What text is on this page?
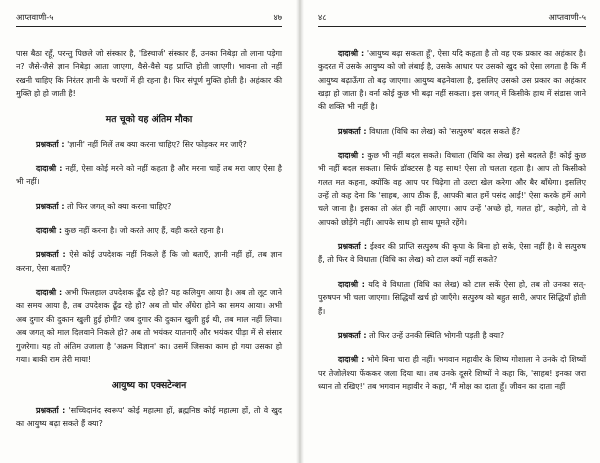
आप्तवाणी-५	४७

पास बैठा रहूँ, परन्तु पिछले जो संस्कार है, 'डिस्चार्ज' संस्कार हैं, उनका निबेड़ा तो लाना पड़ेगा न? जैसे-जैसे ज्ञान निबेड़ा आता जाएगा, वैसे-वैसे यह प्राप्ति होती जाएगी। भावना तो नहीं रखनी चाहिए कि निरंतर ज्ञानी के चरणों में ही रहना है। फिर संपूर्ण मुक्ति होती है। अहंकार की मुक्ति हो हो जाती है!

मत चूको यह अंतिम मौका

प्रश्नकर्ता : 'ज्ञानी' नहीं मिलें तब क्या करना चाहिए? सिर फोड़कर मर जाएँ?

दादाश्री : नहीं, ऐसा कोई मरने को नहीं कहता है और मरना चाहें तब मरा जाए ऐसा है भी नहीं।

प्रश्नकर्ता : तो फिर जगत् को क्या करना चाहिए?

दादाश्री : कुछ नहीं करना है। जो करते आए हैं, वही करते रहना है।

प्रश्नकर्ता : ऐसे कोई उपदेशक नहीं निकले हैं कि जो बताएँ, ज्ञानी नहीं हों, तब ज्ञान करना, ऐसा बताएँ?

दादाश्री : अभी फिलहाल उपदेशक ढूँढ रहे हो? यह कलियुग आया है। अब तो लूट जाने का समय आया है, तब उपदेशक ढूँढ रहे हो? अब तो घोर अँधेरा होने का समय आया। अभी अब दुगार की दुकान खुली हुई होगी? जब दुगार की दुकान खुली हुई थी, तब माल नहीं लिया। अब जगत् को माल दिलवाने निकले हो? अब तो भयंकर यातनाएँ और भयंकर पीड़ा में से संसार गुजरेगा। यह तो अंतिम उजाला है 'अक्रम विज्ञान' का। उसमें जिसका काम हो गया उसका हो गया। बाकी राम तेरी माया!

आयुष्य का एक्सटेन्शन

प्रश्नकर्ता : 'सच्चिदानंद स्वरूप' कोई महात्मा हों, ब्रह्मनिष्ठ कोई महात्मा हों, तो वे खुद का आयुष्य बढ़ा सकते हैं क्या?

४८	आप्तवाणी-५

दादाश्री : 'आयुष्य बढ़ा सकता हूँ', ऐसा यदि कहता है तो वह एक प्रकार का अहंकार है। कुदरत में उसके आयुष्य को जो लंबाई है, उसके आधार पर उसको खुद को ऐसा लगता है कि मैं आयुष्य बढ़ाऊँगा तो बढ़ जाएगा। आयुष्य बढ़नेवाला है, इसलिए उसको उस प्रकार का अहंकार खड़ा हो जाता है। वर्ना कोई कुछ भी बढ़ा नहीं सकता। इस जगत् में किसीके हाथ में संडास जाने की शक्ति भी नहीं है।

प्रश्नकर्ता : विधाता (विधि का लेख) को 'सत्पुरुष' बदल सकते हैं?

दादाश्री : कुछ भी नहीं बदल सकते। विधाता (विधि का लेख) इसे बदलते हैं! कोई कुछ भी नहीं बदल सकता। सिर्फ डॉक्टरस है यह साथ! ऐसा तो चलता रहता है। आप तो किसीको गलत मत कहना, क्योंकि वह आप पर चिढ़ेगा तो उल्टा खेल करेगा और बैर बाँधेगा। इसलिए उन्हें तो कह देना कि 'साहब, आप ठीक हैं, आपकी बात हमें पसंद आई!' ऐसा करके हमें आगे चले जाना है। इसका तो अंत ही नहीं आएगा। आप उन्हें 'अच्छे हो, गलत हो', कहोगे, तो वे आपको छोड़ेंगे नहीं। आपके साथ हो साथ घूमते रहेंगे।

प्रश्नकर्ता : ईश्वर की प्राप्ति सत्पुरुष की कृपा के बिना हो सके, ऐसा नहीं है। वे सत्पुरुष हैं, तो फिर वे विधाता (विधि का लेख) को टाल क्यों नहीं सकते?

दादाश्री : यदि वे विधाता (विधि का लेख) को टाल सकें ऐसा हो, तब तो उनका सत्-पुरुषपन भी चला जाएगा। सिद्धियाँ खर्च हो जाएँगे। सत्पुरुष को बहुत सारी, अपार सिद्धियाँ होती हैं।

प्रश्नकर्ता : तो फिर उन्हें उनकी स्थिति भोगनी पड़ती है क्या?

दादाश्री : भोगे बिना चारा ही नहीं। भगवान महावीर के शिष्य गोशाला ने उनके दो शिष्यों पर तेजोलेश्या फेंककर जला दिया था। तब उनके दूसरे शिष्यों ने कहा कि, 'साहब! इनका जरा ध्यान तो रखिए!' तब भगवान महावीर ने कहा, 'मैं मोक्ष का दाता हूँ। जीवन का दाता नहीं
